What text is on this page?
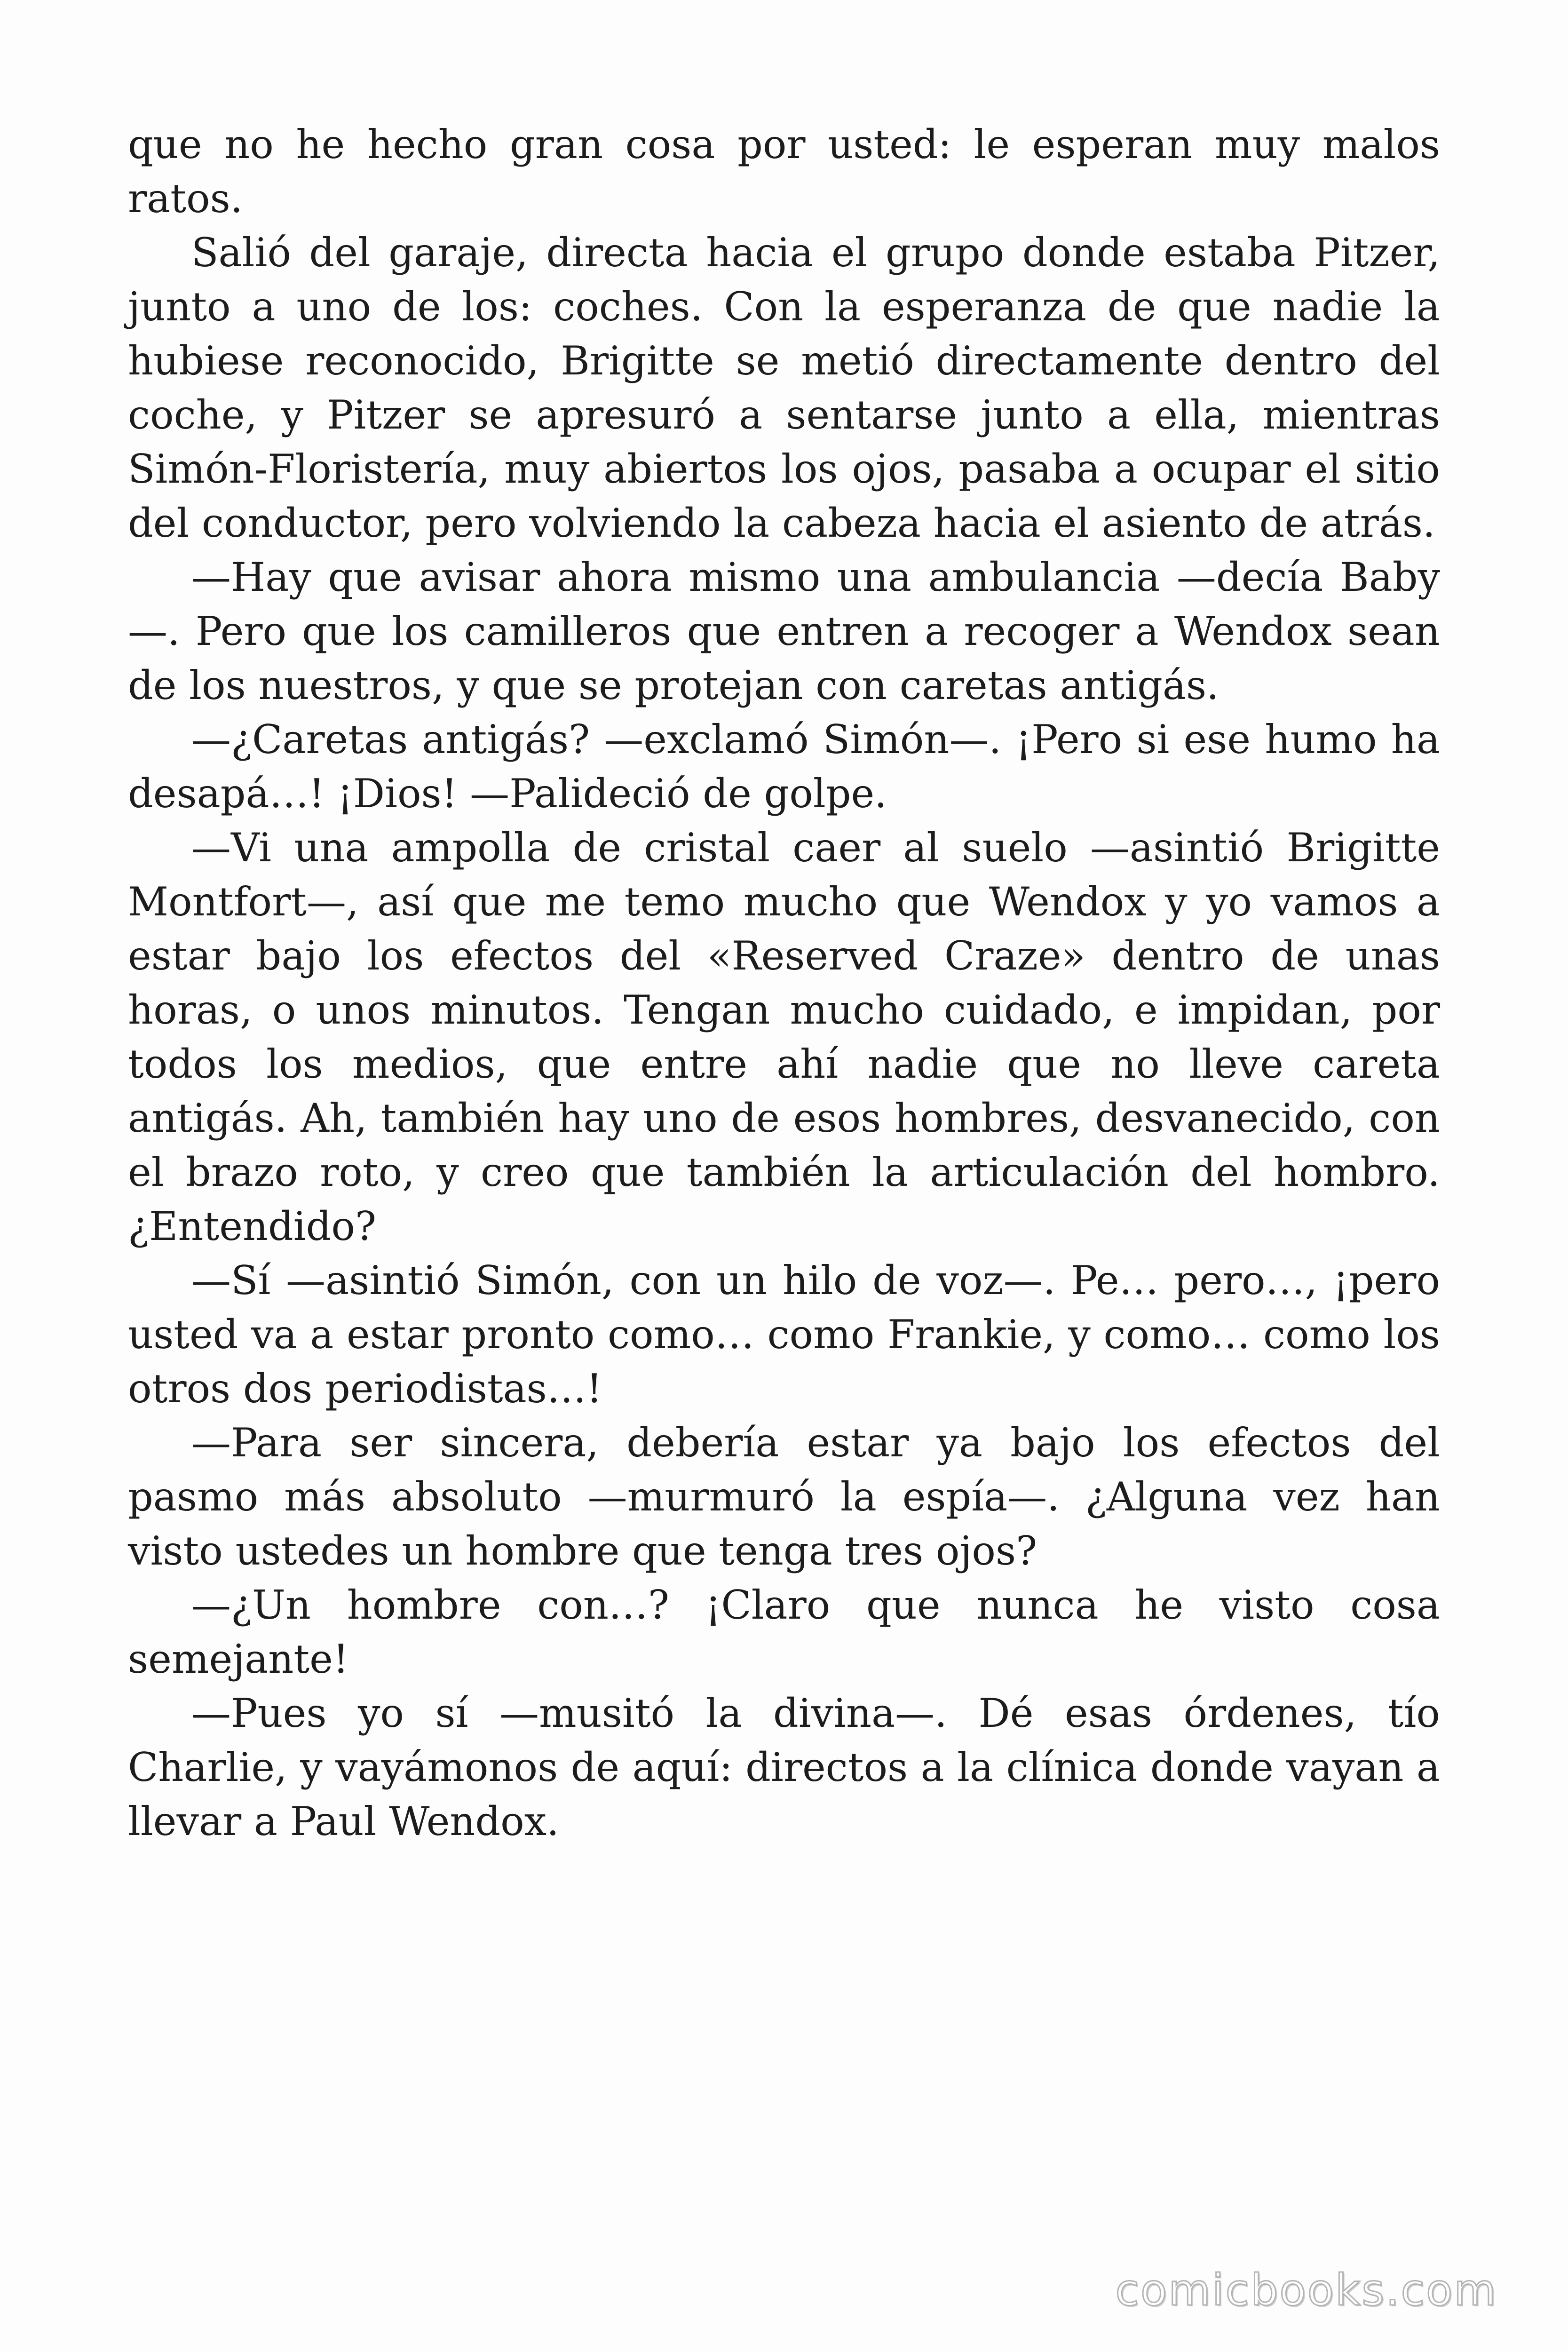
que no he hecho gran cosa por usted: le esperan muy malos ratos.

Salió del garaje, directa hacia el grupo donde estaba Pitzer, junto a uno de los: coches. Con la esperanza de que nadie la hubiese reconocido, Brigitte se metió directamente dentro del coche, y Pitzer se apresuró a sentarse junto a ella, mientras Simón-Floristería, muy abiertos los ojos, pasaba a ocupar el sitio del conductor, pero volviendo la cabeza hacia el asiento de atrás.

—Hay que avisar ahora mismo una ambulancia —decía Baby—. Pero que los camilleros que entren a recoger a Wendox sean de los nuestros, y que se protejan con caretas antigás.

—¿Caretas antigás? —exclamó Simón—. ¡Pero si ese humo ha desapá…! ¡Dios! —Palideció de golpe.

—Vi una ampolla de cristal caer al suelo —asintió Brigitte Montfort—, así que me temo mucho que Wendox y yo vamos a estar bajo los efectos del «Reserved Craze» dentro de unas horas, o unos minutos. Tengan mucho cuidado, e impidan, por todos los medios, que entre ahí nadie que no lleve careta antigás. Ah, también hay uno de esos hombres, desvanecido, con el brazo roto, y creo que también la articulación del hombro. ¿Entendido?

—Sí —asintió Simón, con un hilo de voz—. Pe… pero…, ¡pero usted va a estar pronto como… como Frankie, y como… como los otros dos periodistas…!

—Para ser sincera, debería estar ya bajo los efectos del pasmo más absoluto —murmuró la espía—. ¿Alguna vez han visto ustedes un hombre que tenga tres ojos?

—¿Un hombre con…? ¡Claro que nunca he visto cosa semejante!

—Pues yo sí —musitó la divina—. Dé esas órdenes, tío Charlie, y vayámonos de aquí: directos a la clínica donde vayan a llevar a Paul Wendox.

comicbooks.com
